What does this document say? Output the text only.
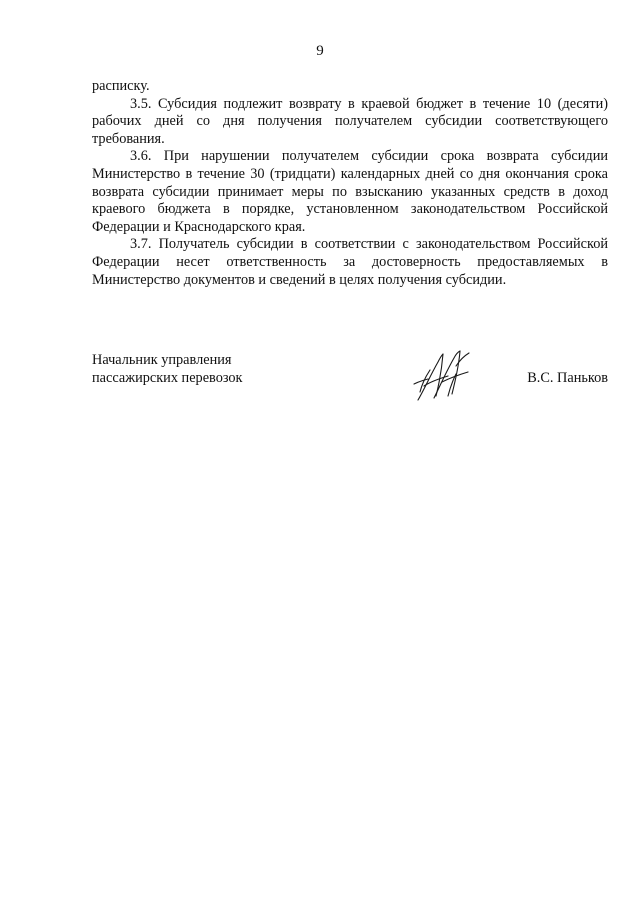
9

расписку.

3.5. Субсидия подлежит возврату в краевой бюджет в течение 10 (десяти) рабочих дней со дня получения получателем субсидии соответствующего требования.

3.6. При нарушении получателем субсидии срока возврата субсидии Министерство в течение 30 (тридцати) календарных дней со дня окончания срока возврата субсидии принимает меры по взысканию указанных средств в доход краевого бюджета в порядке, установленном законодательством Российской Федерации и Краснодарского края.

3.7. Получатель субсидии в соответствии с законодательством Российской Федерации несет ответственность за достоверность предоставляемых в Министерство документов и сведений в целях получения субсидии.

Начальник управления
пассажирских перевозок	В.С. Паньков
